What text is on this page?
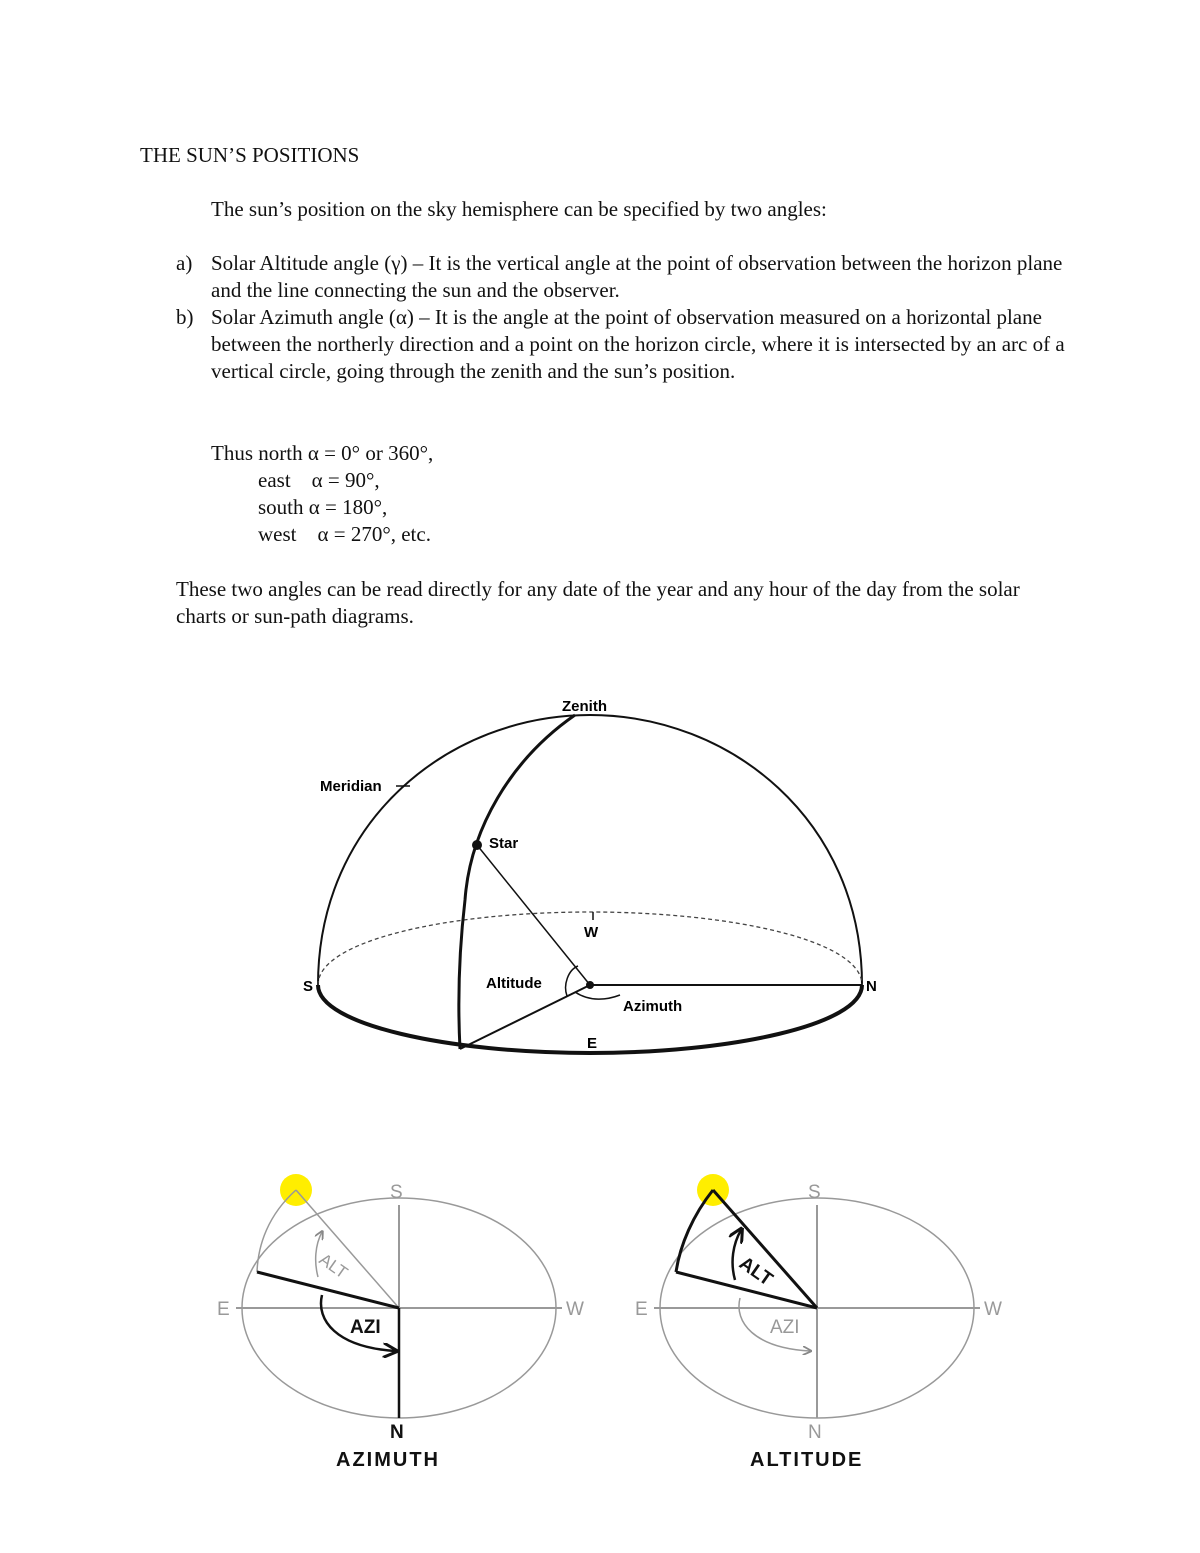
THE SUN’S POSITIONS
The sun’s position on the sky hemisphere can be specified by two angles:
a) Solar Altitude angle (γ) – It is the vertical angle at the point of observation between the horizon plane and the line connecting the sun and the observer.
b) Solar Azimuth angle (α) – It is the angle at the point of observation measured on a horizontal plane between the northerly direction and a point on the horizon circle, where it is intersected by an arc of a vertical circle, going through the zenith and the sun’s position.
Thus north α = 0° or 360°,
east    α = 90°,
south α = 180°,
west    α = 270°, etc.
These two angles can be read directly for any date of the year and any hour of the day from the solar charts or sun-path diagrams.
Zenith
Meridian
Star
W
S	N
Altitude
Azimuth
E
ALT
AZI
S
E	W
N
AZIMUTH
ALT
AZI
S
E	W
N
ALTITUDE
